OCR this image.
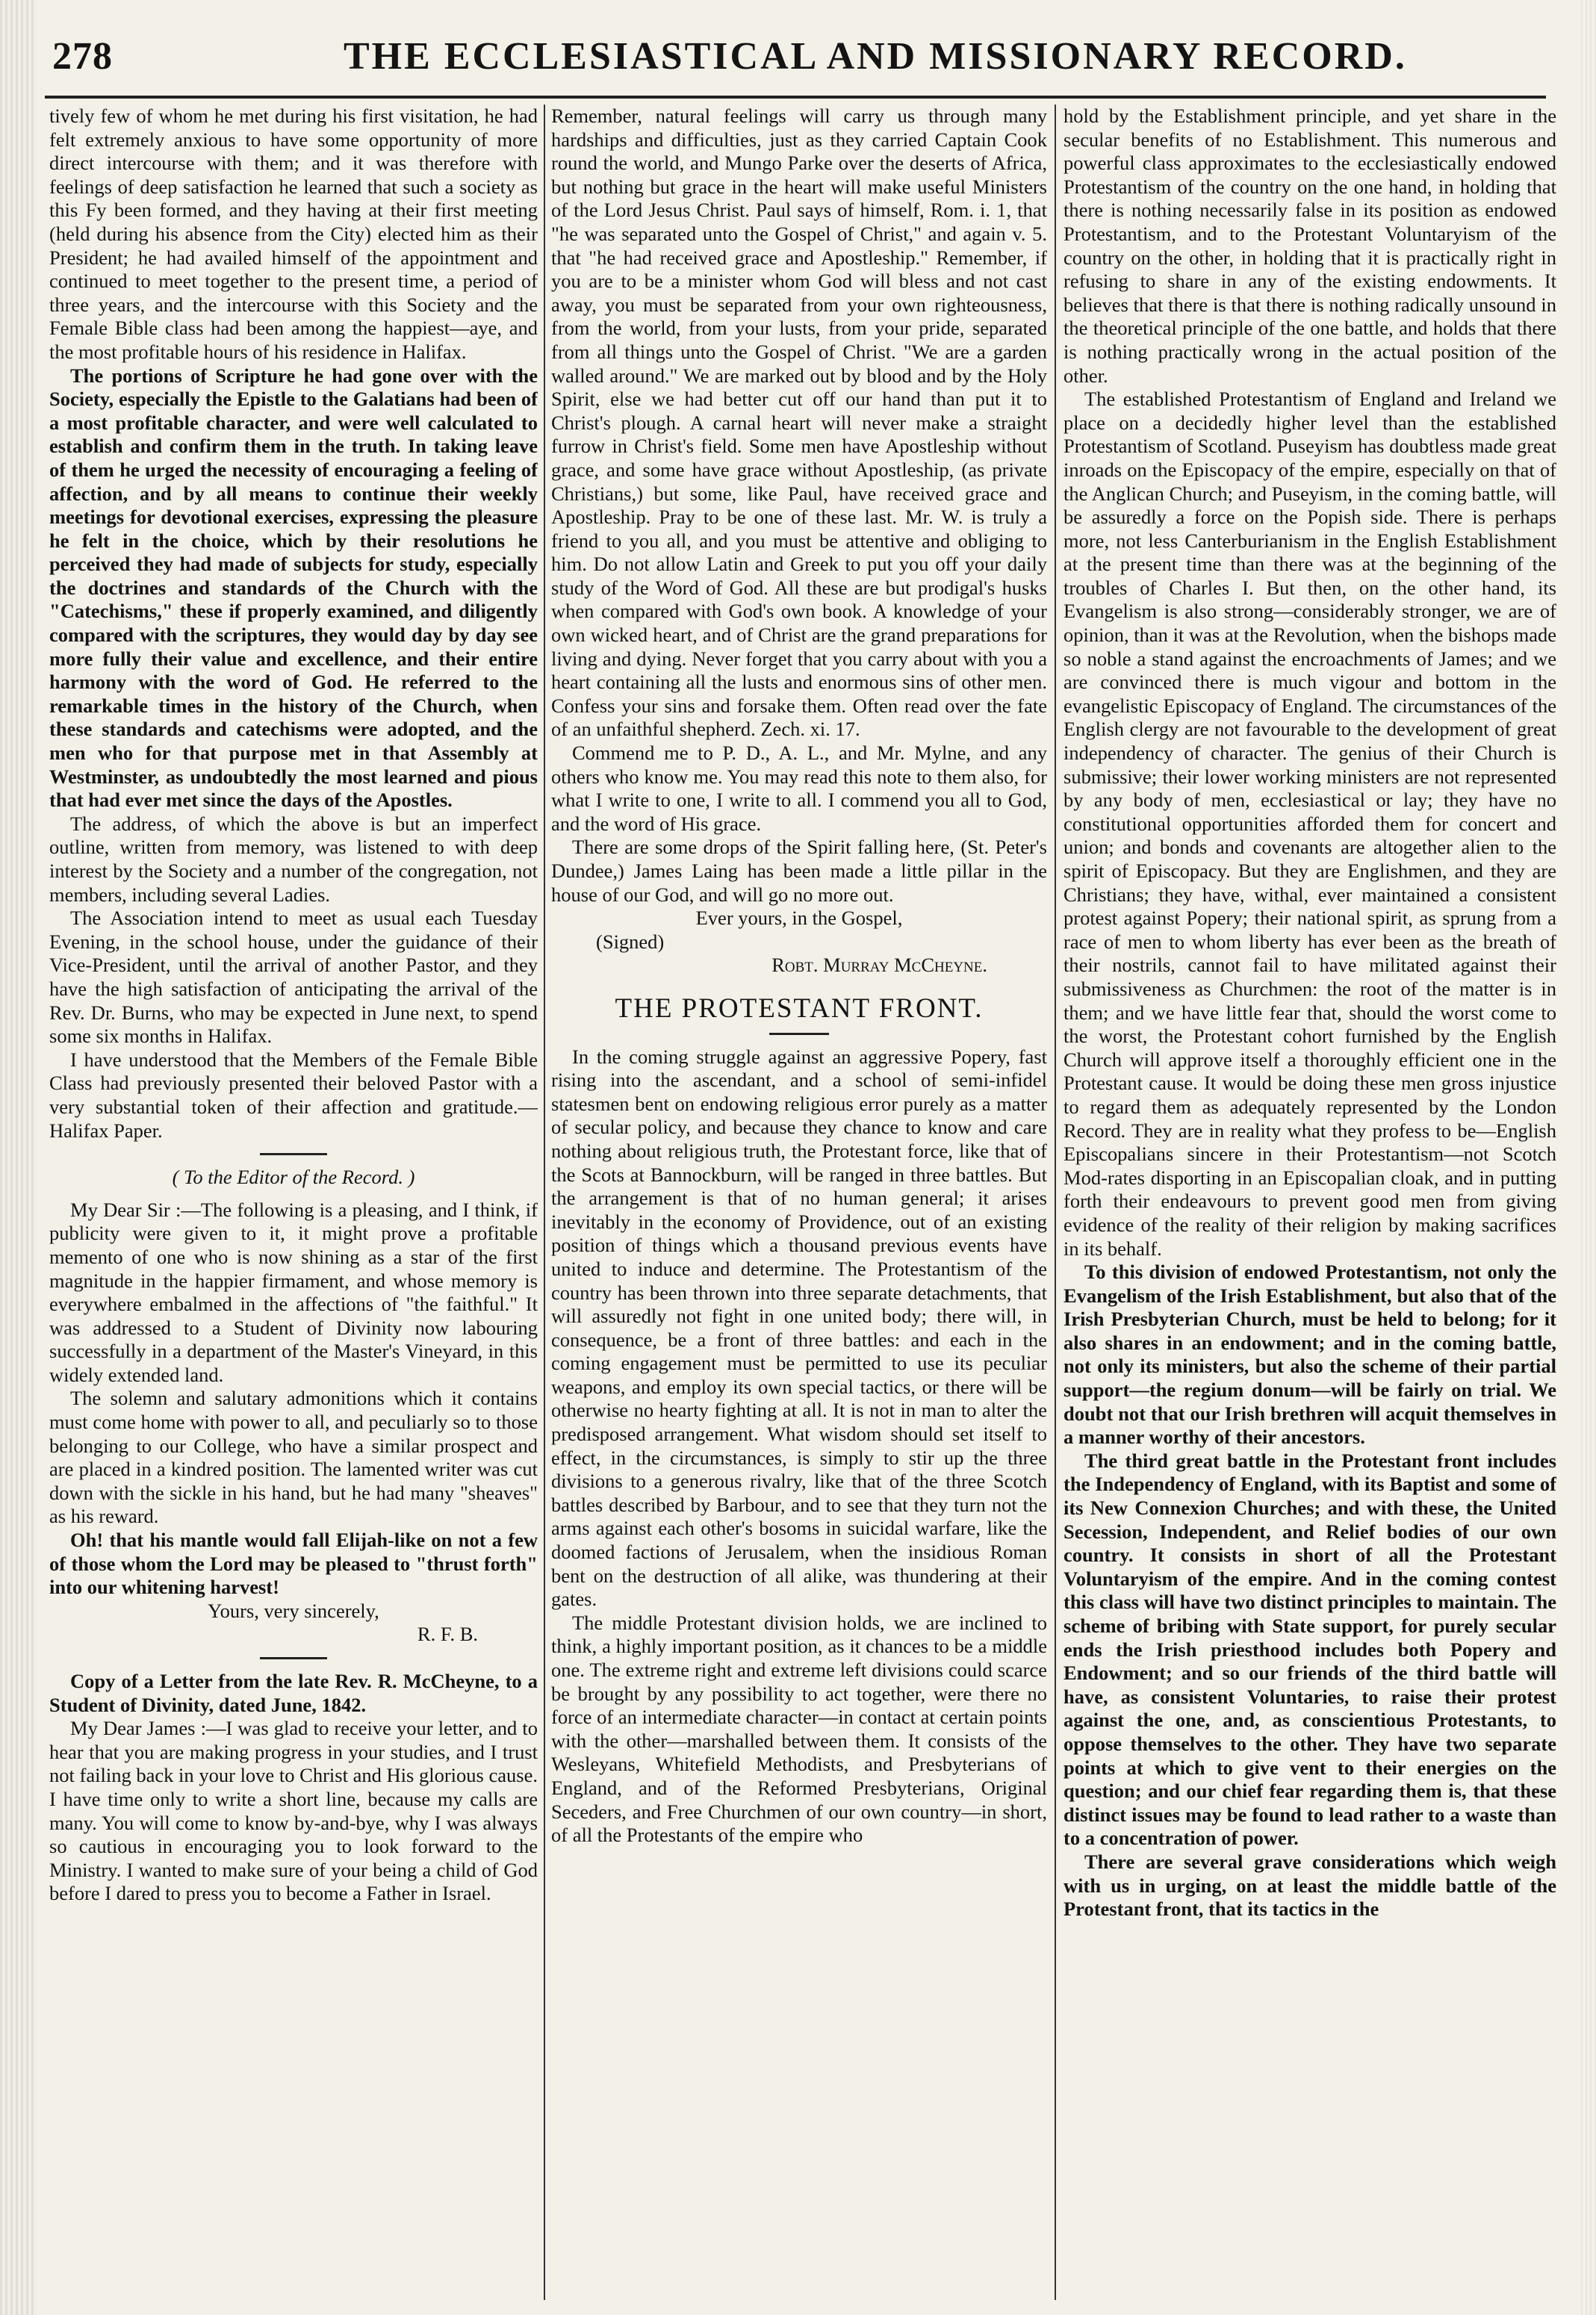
278	THE ECCLESIASTICAL AND MISSIONARY RECORD.

tively few of whom he met during his first visitation, he had felt extremely anxious to have some opportunity of more direct intercourse with them; and it was therefore with feelings of deep satisfaction he learned that such a society as this Fy been formed, and they having at their first meeting (held during his absence from the City) elected him as their President; he had availed himself of the appointment and continued to meet together to the present time, a period of three years, and the intercourse with this Society and the Female Bible class had been among the happiest—aye, and the most profitable hours of his residence in Halifax.

The portions of Scripture he had gone over with the Society, especially the Epistle to the Galatians had been of a most profitable character, and were well calculated to establish and confirm them in the truth. In taking leave of them he urged the necessity of encouraging a feeling of affection, and by all means to continue their weekly meetings for devotional exercises, expressing the pleasure he felt in the choice, which by their resolutions he perceived they had made of subjects for study, especially the doctrines and standards of the Church with the "Catechisms," these if properly examined, and diligently compared with the scriptures, they would day by day see more fully their value and excellence, and their entire harmony with the word of God. He referred to the remarkable times in the history of the Church, when these standards and catechisms were adopted, and the men who for that purpose met in that Assembly at Westminster, as undoubtedly the most learned and pious that had ever met since the days of the Apostles.

The address, of which the above is but an imperfect outline, written from memory, was listened to with deep interest by the Society and a number of the congregation, not members, including several Ladies.

The Association intend to meet as usual each Tuesday Evening, in the school house, under the guidance of their Vice-President, until the arrival of another Pastor, and they have the high satisfaction of anticipating the arrival of the Rev. Dr. Burns, who may be expected in June next, to spend some six months in Halifax.

I have understood that the Members of the Female Bible Class had previously presented their beloved Pastor with a very substantial token of their affection and gratitude.—Halifax Paper.

( To the Editor of the Record. )

My Dear Sir :—The following is a pleasing, and I think, if publicity were given to it, it might prove a profitable memento of one who is now shining as a star of the first magnitude in the happier firmament, and whose memory is everywhere embalmed in the affections of "the faithful." It was addressed to a Student of Divinity now labouring successfully in a department of the Master's Vineyard, in this widely extended land.

The solemn and salutary admonitions which it contains must come home with power to all, and peculiarly so to those belonging to our College, who have a similar prospect and are placed in a kindred position. The lamented writer was cut down with the sickle in his hand, but he had many "sheaves" as his reward.

Oh! that his mantle would fall Elijah-like on not a few of those whom the Lord may be pleased to "thrust forth" into our whitening harvest!

Yours, very sincerely,
R. F. B.

Copy of a Letter from the late Rev. R. McCheyne, to a Student of Divinity, dated June, 1842.

My Dear James :—I was glad to receive your letter, and to hear that you are making progress in your studies, and I trust not failing back in your love to Christ and His glorious cause. I have time only to write a short line, because my calls are many. You will come to know by-and-bye, why I was always so cautious in encouraging you to look forward to the Ministry. I wanted to make sure of your being a child of God before I dared to press you to become a Father in Israel.

Remember, natural feelings will carry us through many hardships and difficulties, just as they carried Captain Cook round the world, and Mungo Parke over the deserts of Africa, but nothing but grace in the heart will make useful Ministers of the Lord Jesus Christ. Paul says of himself, Rom. i. 1, that "he was separated unto the Gospel of Christ," and again v. 5. that "he had received grace and Apostleship." Remember, if you are to be a minister whom God will bless and not cast away, you must be separated from your own righteousness, from the world, from your lusts, from your pride, separated from all things unto the Gospel of Christ. "We are a garden walled around." We are marked out by blood and by the Holy Spirit, else we had better cut off our hand than put it to Christ's plough. A carnal heart will never make a straight furrow in Christ's field. Some men have Apostleship without grace, and some have grace without Apostleship, (as private Christians,) but some, like Paul, have received grace and Apostleship. Pray to be one of these last. Mr. W. is truly a friend to you all, and you must be attentive and obliging to him. Do not allow Latin and Greek to put you off your daily study of the Word of God. All these are but prodigal's husks when compared with God's own book. A knowledge of your own wicked heart, and of Christ are the grand preparations for living and dying. Never forget that you carry about with you a heart containing all the lusts and enormous sins of other men. Confess your sins and forsake them. Often read over the fate of an unfaithful shepherd. Zech. xi. 17.

Commend me to P. D., A. L., and Mr. Mylne, and any others who know me. You may read this note to them also, for what I write to one, I write to all. I commend you all to God, and the word of His grace.

There are some drops of the Spirit falling here, (St. Peter's Dundee,) James Laing has been made a little pillar in the house of our God, and will go no more out.

Ever yours, in the Gospel,
(Signed)
Robt. Murray McCheyne.
THE PROTESTANT FRONT.

In the coming struggle against an aggressive Popery, fast rising into the ascendant, and a school of semi-infidel statesmen bent on endowing religious error purely as a matter of secular policy, and because they chance to know and care nothing about religious truth, the Protestant force, like that of the Scots at Bannockburn, will be ranged in three battles. But the arrangement is that of no human general; it arises inevitably in the economy of Providence, out of an existing position of things which a thousand previous events have united to induce and determine. The Protestantism of the country has been thrown into three separate detachments, that will assuredly not fight in one united body; there will, in consequence, be a front of three battles: and each in the coming engagement must be permitted to use its peculiar weapons, and employ its own special tactics, or there will be otherwise no hearty fighting at all. It is not in man to alter the predisposed arrangement. What wisdom should set itself to effect, in the circumstances, is simply to stir up the three divisions to a generous rivalry, like that of the three Scotch battles described by Barbour, and to see that they turn not the arms against each other's bosoms in suicidal warfare, like the doomed factions of Jerusalem, when the insidious Roman bent on the destruction of all alike, was thundering at their gates.

The middle Protestant division holds, we are inclined to think, a highly important position, as it chances to be a middle one. The extreme right and extreme left divisions could scarce be brought by any possibility to act together, were there no force of an intermediate character—in contact at certain points with the other—marshalled between them. It consists of the Wesleyans, Whitefield Methodists, and Presbyterians of England, and of the Reformed Presbyterians, Original Seceders, and Free Churchmen of our own country—in short, of all the Protestants of the empire who

hold by the Establishment principle, and yet share in the secular benefits of no Establishment. This numerous and powerful class approximates to the ecclesiastically endowed Protestantism of the country on the one hand, in holding that there is nothing necessarily false in its position as endowed Protestantism, and to the Protestant Voluntaryism of the country on the other, in holding that it is practically right in refusing to share in any of the existing endowments. It believes that there is that there is nothing radically unsound in the theoretical principle of the one battle, and holds that there is nothing practically wrong in the actual position of the other.

The established Protestantism of England and Ireland we place on a decidedly higher level than the established Protestantism of Scotland. Puseyism has doubtless made great inroads on the Episcopacy of the empire, especially on that of the Anglican Church; and Puseyism, in the coming battle, will be assuredly a force on the Popish side. There is perhaps more, not less Canterburianism in the English Establishment at the present time than there was at the beginning of the troubles of Charles I. But then, on the other hand, its Evangelism is also strong—considerably stronger, we are of opinion, than it was at the Revolution, when the bishops made so noble a stand against the encroachments of James; and we are convinced there is much vigour and bottom in the evangelistic Episcopacy of England. The circumstances of the English clergy are not favourable to the development of great independency of character. The genius of their Church is submissive; their lower working ministers are not represented by any body of men, ecclesiastical or lay; they have no constitutional opportunities afforded them for concert and union; and bonds and covenants are altogether alien to the spirit of Episcopacy. But they are Englishmen, and they are Christians; they have, withal, ever maintained a consistent protest against Popery; their national spirit, as sprung from a race of men to whom liberty has ever been as the breath of their nostrils, cannot fail to have militated against their submissiveness as Churchmen: the root of the matter is in them; and we have little fear that, should the worst come to the worst, the Protestant cohort furnished by the English Church will approve itself a thoroughly efficient one in the Protestant cause. It would be doing these men gross injustice to regard them as adequately represented by the London Record. They are in reality what they profess to be—English Episcopalians sincere in their Protestantism—not Scotch Mod-rates disporting in an Episcopalian cloak, and in putting forth their endeavours to prevent good men from giving evidence of the reality of their religion by making sacrifices in its behalf.

To this division of endowed Protestantism, not only the Evangelism of the Irish Establishment, but also that of the Irish Presbyterian Church, must be held to belong; for it also shares in an endowment; and in the coming battle, not only its ministers, but also the scheme of their partial support—the regium donum—will be fairly on trial. We doubt not that our Irish brethren will acquit themselves in a manner worthy of their ancestors.

The third great battle in the Protestant front includes the Independency of England, with its Baptist and some of its New Connexion Churches; and with these, the United Secession, Independent, and Relief bodies of our own country. It consists in short of all the Protestant Voluntaryism of the empire. And in the coming contest this class will have two distinct principles to maintain. The scheme of bribing with State support, for purely secular ends the Irish priesthood includes both Popery and Endowment; and so our friends of the third battle will have, as consistent Voluntaries, to raise their protest against the one, and, as conscientious Protestants, to oppose themselves to the other. They have two separate points at which to give vent to their energies on the question; and our chief fear regarding them is, that these distinct issues may be found to lead rather to a waste than to a concentration of power.

There are several grave considerations which weigh with us in urging, on at least the middle battle of the Protestant front, that its tactics in the
